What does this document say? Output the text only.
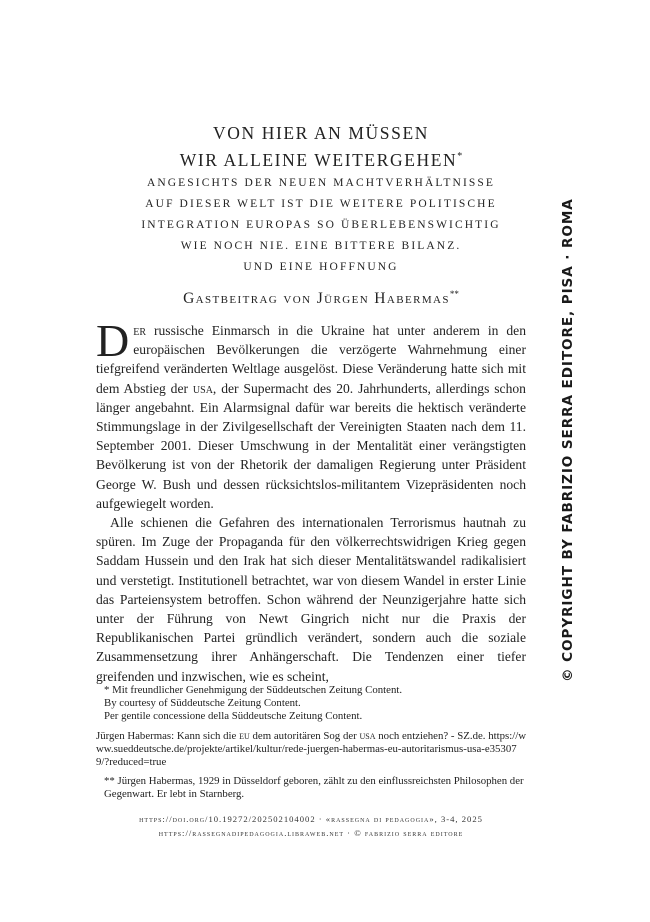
VON HIER AN MÜSSEN
WIR ALLEINE WEITERGEHEN*
ANGESICHTS DER NEUEN MACHTVERHÄLTNISSE
AUF DIESER WELT IST DIE WEITERE POLITISCHE
INTEGRATION EUROPAS SO ÜBERLEBENSWICHTIG
WIE NOCH NIE. EINE BITTERE BILANZ.
UND EINE HOFFNUNG
Gastbeitrag von Jürgen Habermas**

Der russische Einmarsch in die Ukraine hat unter anderem in den europäischen Bevölkerungen die verzögerte Wahrnehmung einer tiefgreifend veränderten Weltlage ausgelöst. Diese Veränderung hatte sich mit dem Abstieg der usa, der Supermacht des 20. Jahrhunderts, allerdings schon länger angebahnt. Ein Alarmsignal dafür war bereits die hektisch veränderte Stimmungslage in der Zivilgesellschaft der Vereinigten Staaten nach dem 11. September 2001. Dieser Umschwung in der Mentalität einer verängstigten Bevölkerung ist von der Rhetorik der damaligen Regierung unter Präsident George W. Bush und dessen rücksichtslos-militantem Vizepräsidenten noch aufgewiegelt worden.

Alle schienen die Gefahren des internationalen Terrorismus hautnah zu spüren. Im Zuge der Propaganda für den völkerrechtswidrigen Krieg gegen Saddam Hussein und den Irak hat sich dieser Mentalitätswandel radikalisiert und verstetigt. Institutionell betrachtet, war von diesem Wandel in erster Linie das Parteiensystem betroffen. Schon während der Neunzigerjahre hatte sich unter der Führung von Newt Gingrich nicht nur die Praxis der Republikanischen Partei gründlich verändert, sondern auch die soziale Zusammensetzung ihrer Anhängerschaft. Die Tendenzen einer tiefer greifenden und inzwischen, wie es scheint,

* Mit freundlicher Genehmigung der Süddeutschen Zeitung Content.

By courtesy of Süddeutsche Zeitung Content.

Per gentile concessione della Süddeutsche Zeitung Content.

Jürgen Habermas: Kann sich die eu dem autoritären Sog der usa noch entziehen? - SZ.de. https://www.sueddeutsche.de/projekte/artikel/kultur/rede-juergen-habermas-eu-autoritarismus-usa-e353079/?reduced=true

** Jürgen Habermas, 1929 in Düsseldorf geboren, zählt zu den einflussreichsten Philosophen der Gegenwart. Er lebt in Starnberg.

https://doi.org/10.19272/202502104002 · «rassegna di pedagogia», 3-4, 2025
https://rassegnadipedagogia.libraweb.net · © fabrizio serra editore
© COPYRIGHT BY FABRIZIO SERRA EDITORE, PISA · ROMA
